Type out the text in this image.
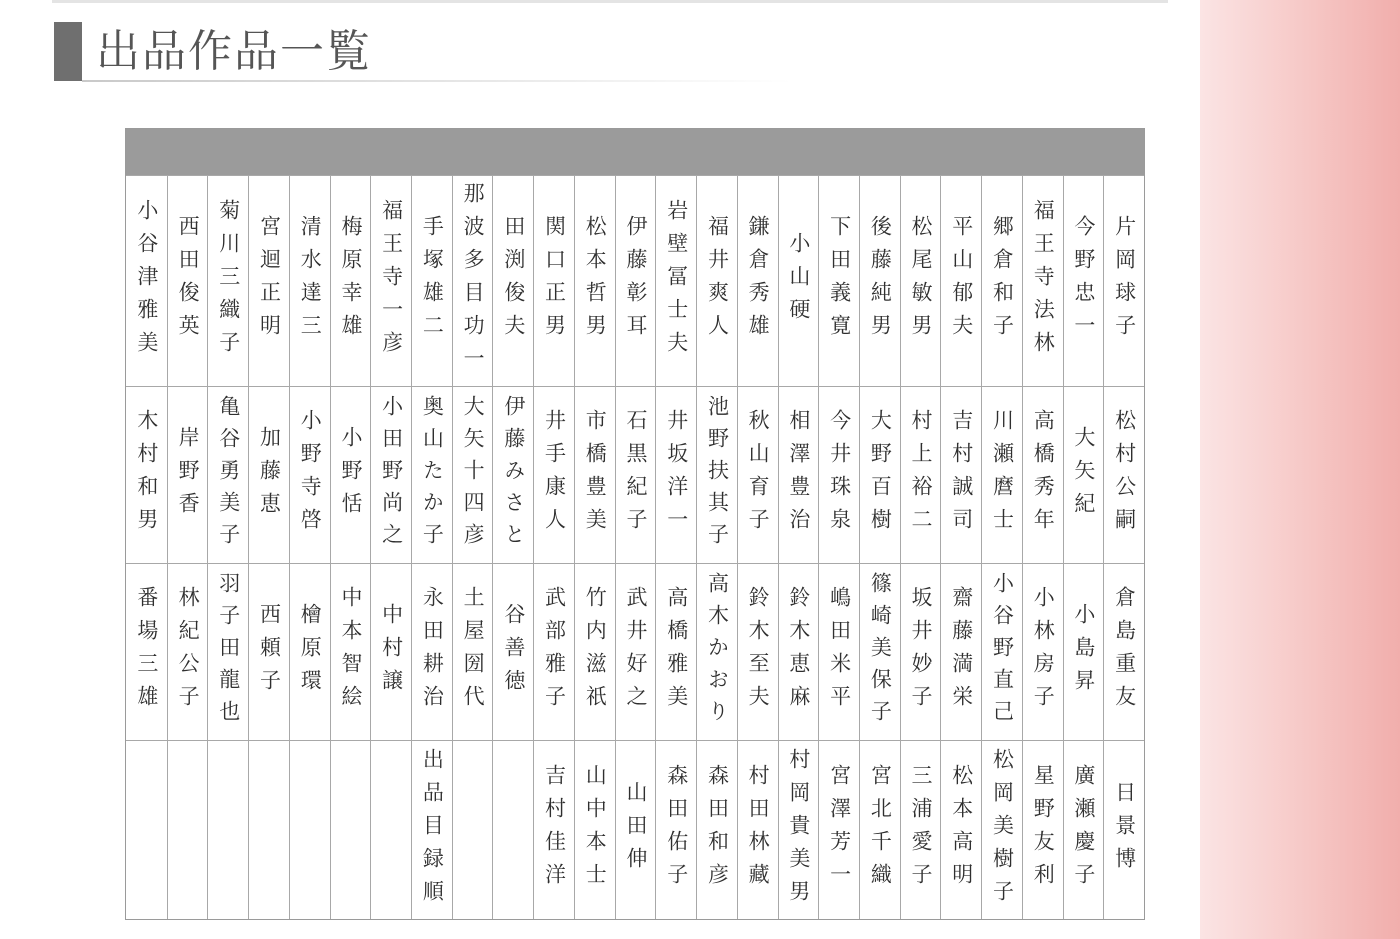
出品作品一覧
小谷津雅美 西田俊英 菊川三織子 宮迴正明 清水達三 梅原幸雄 福王寺一彦 手塚雄二 那波多目功一 田渕俊夫 関口正男 松本哲男 伊藤彰耳 岩壁冨士夫 福井爽人 鎌倉秀雄 小山硬 下田義寛 後藤純男 松尾敏男 平山郁夫 郷倉和子 福王寺法林 今野忠一 片岡球子
木村和男 岸野香 亀谷勇美子 加藤恵 小野寺啓 小野恬 小田野尚之 奥山たか子 大矢十四彦 伊藤みさと 井手康人 市橋豊美 石黒紀子 井坂洋一 池野扶其子 秋山育子 相澤豊治 今井珠泉 大野百樹 村上裕二 吉村誠司 川瀬麿士 高橋秀年 大矢紀 松村公嗣
番場三雄 林紀公子 羽子田龍也 西頼子 檜原環 中本智絵 中村譲 永田耕治 土屋圀代 谷善徳 武部雅子 竹内滋祇 武井好之 高橋雅美 高木かおり 鈴木至夫 鈴木恵麻 嶋田米平 篠崎美保子 坂井妙子 齋藤満栄 小谷野直己 小林房子 小島昇 倉島重友
出品目録順	吉村佳洋 山中本士 山田伸 森田佑子 森田和彦 村田林藏 村岡貴美男 宮澤芳一 宮北千織 三浦愛子 松本高明 松岡美樹子 星野友利 廣瀬慶子 日景博
